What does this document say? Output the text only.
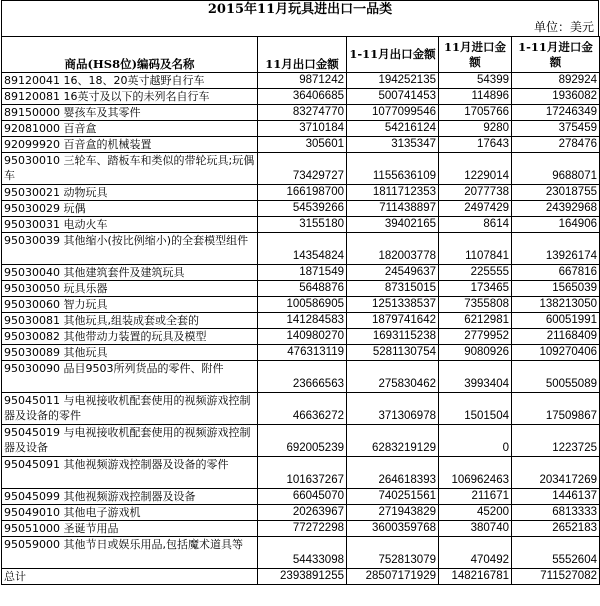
2015年11月玩具进出口一品类
单位：美元
商品(HS8位)编码及名称	11月出口金额	1-11月出口金额	11月进口金额	1-11月进口金额
89120041 16、18、20英寸越野自行车	9871242	194252135	54399	892924
89120081 16英寸及以下的未列名自行车	36406685	500741453	114896	1936082
89150000 婴孩车及其零件	83274770	1077099546	1705766	17246349
92081000 百音盒	3710184	54216124	9280	375459
92099920 百音盒的机械装置	305601	3135347	17643	278476
95030010 三轮车、踏板车和类似的带轮玩具;玩偶车	73429727	1155636109	1229014	9688071
95030021 动物玩具	166198700	1811712353	2077738	23018755
95030029 玩偶	54539266	711438897	2497429	24392968
95030031 电动火车	3155180	39402165	8614	164906
95030039 其他缩小(按比例缩小)的全套模型组件	14354824	182003778	1107841	13926174
95030040 其他建筑套件及建筑玩具	1871549	24549637	225555	667816
95030050 玩具乐器	5648876	87315015	173465	1565039
95030060 智力玩具	100586905	1251338537	7355808	138213050
95030081 其他玩具,组装成套或全套的	141284583	1879741642	6212981	60051991
95030082 其他带动力装置的玩具及模型	140980270	1693115238	2779952	21168409
95030089 其他玩具	476313119	5281130754	9080926	109270406
95030090 品目9503所列货品的零件、附件	23666563	275830462	3993404	50055089
95045011 与电视接收机配套使用的视频游戏控制器及设备的零件	46636272	371306978	1501504	17509867
95045019 与电视接收机配套使用的视频游戏控制器及设备	692005239	6283219129	0	1223725
95045091 其他视频游戏控制器及设备的零件	101637267	264618393	106962463	203417269
95045099 其他视频游戏控制器及设备	66045070	740251561	211671	1446137
95049010 其他电子游戏机	20263967	271943829	45200	6813333
95051000 圣诞节用品	77272298	3600359768	380740	2652183
95059000 其他节日或娱乐用品,包括魔术道具等	54433098	752813079	470492	5552604
总计	2393891255	28507171929	148216781	711527082
